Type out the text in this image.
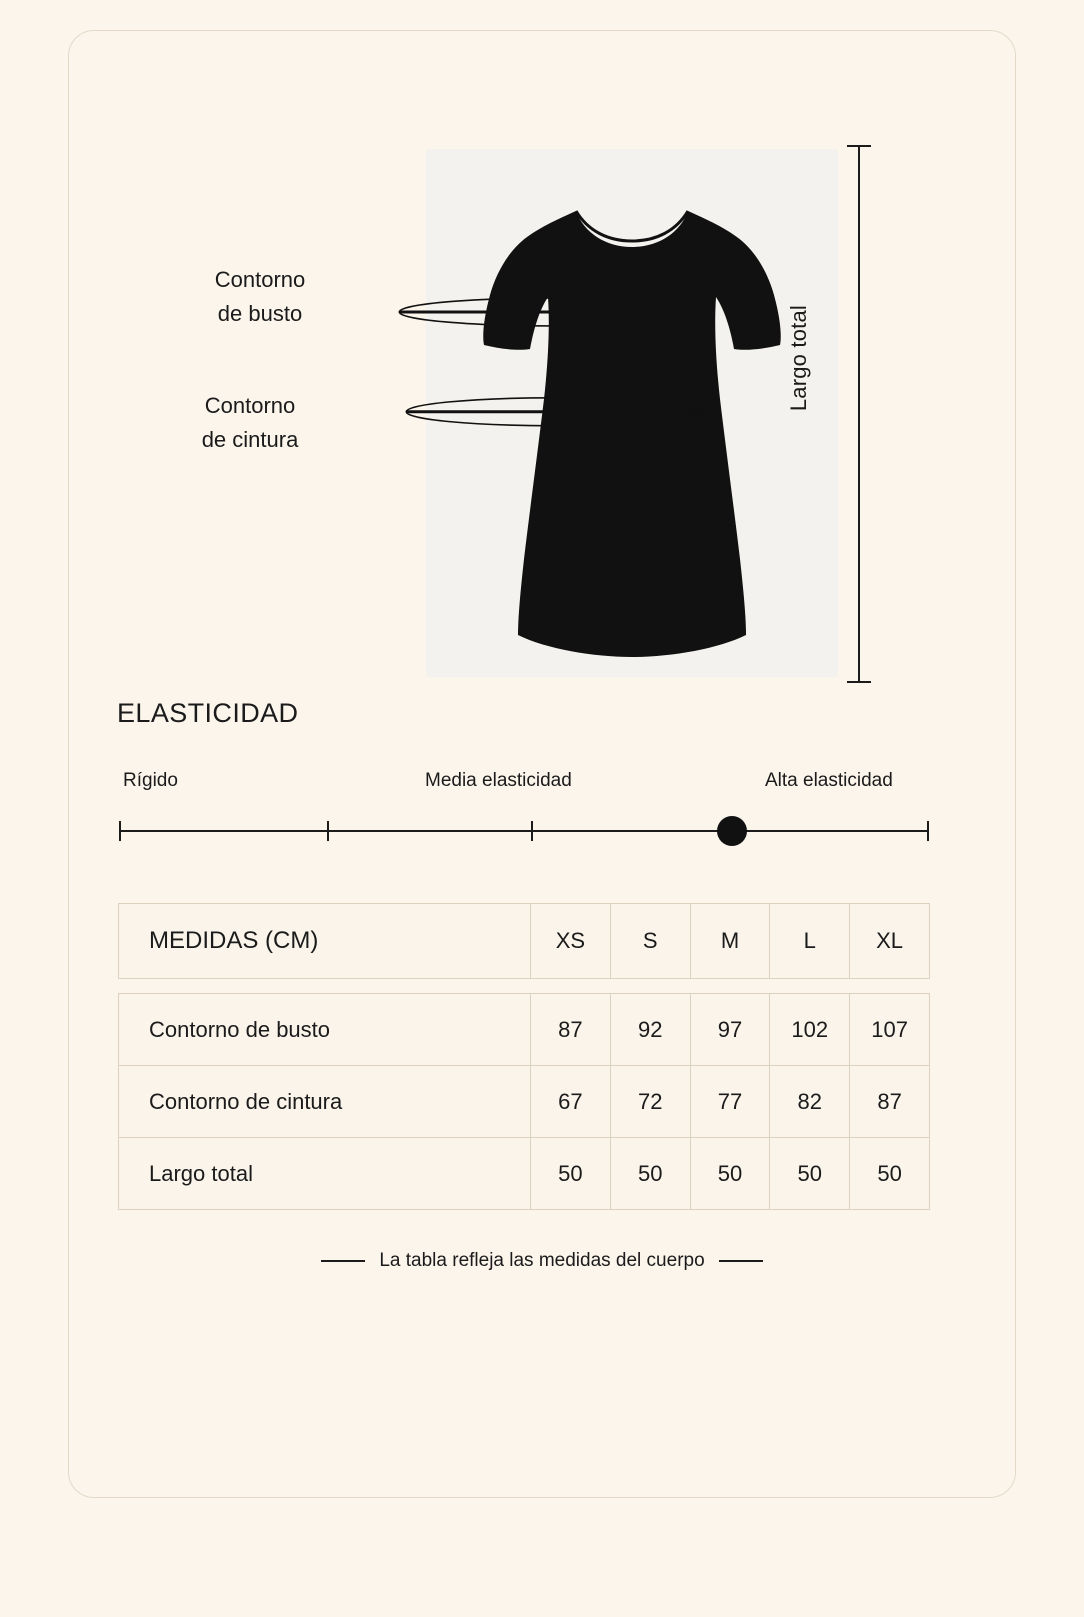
Contorno
de busto
Contorno
de cintura
Largo total
ELASTICIDAD
Rígido	Media elasticidad	Alta elasticidad
MEDIDAS (CM)	XS	S	M	L	XL

Contorno de busto	87	92	97	102	107
Contorno de cintura	67	72	77	82	87
Largo total	50	50	50	50	50
La tabla refleja las medidas del cuerpo
